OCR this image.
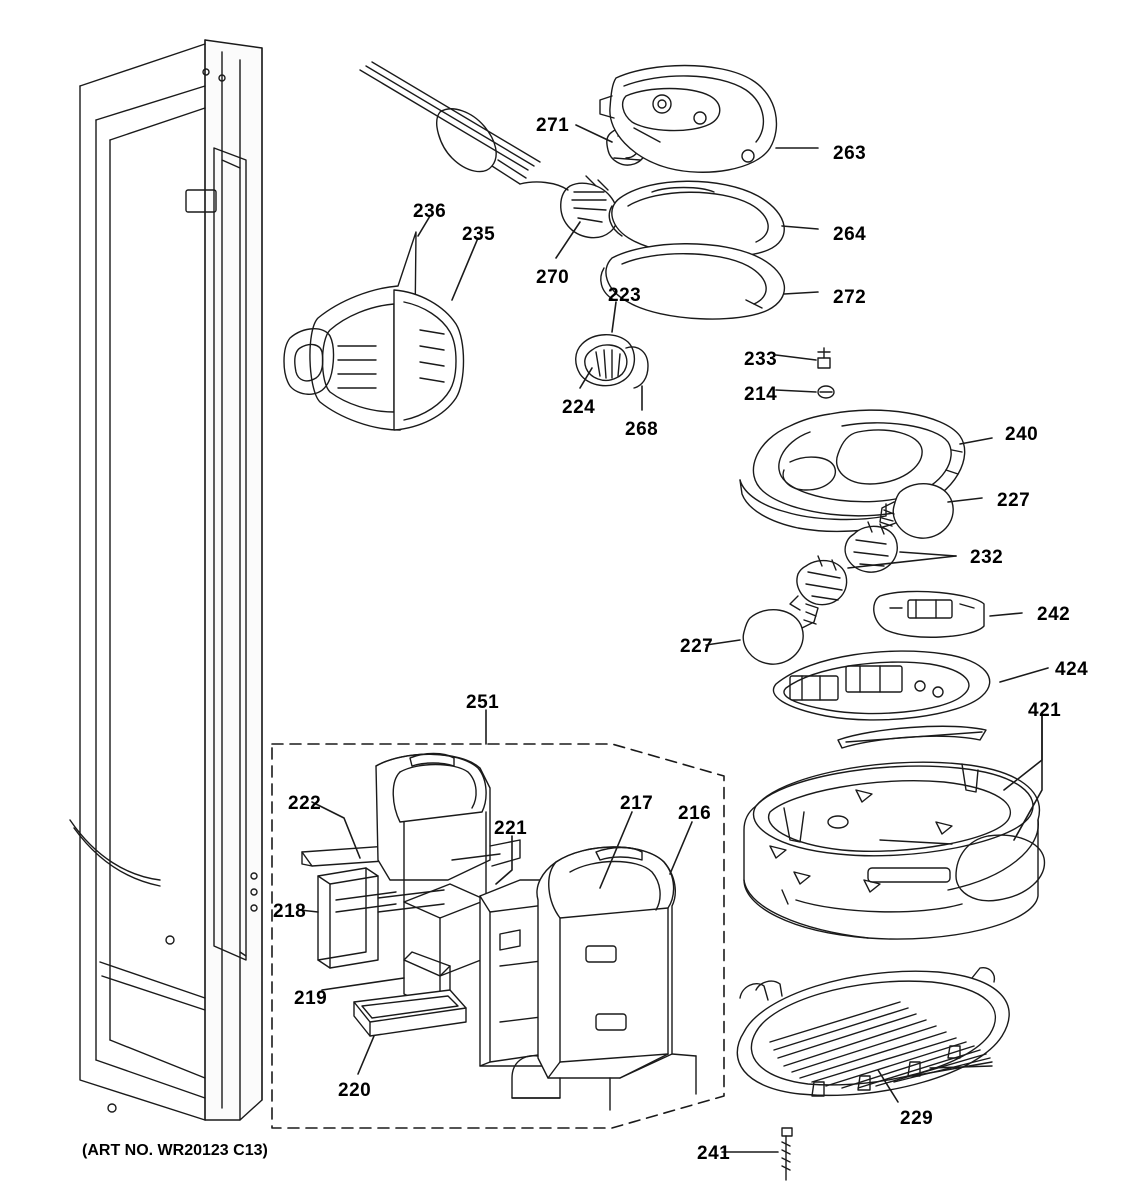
271
263
264
272
270
236
235
223
224
268
233
214
240
227
232
227
242
424
421
251
222
218
221
217 216
219
220
229
241
(ART NO. WR20123 C13)
